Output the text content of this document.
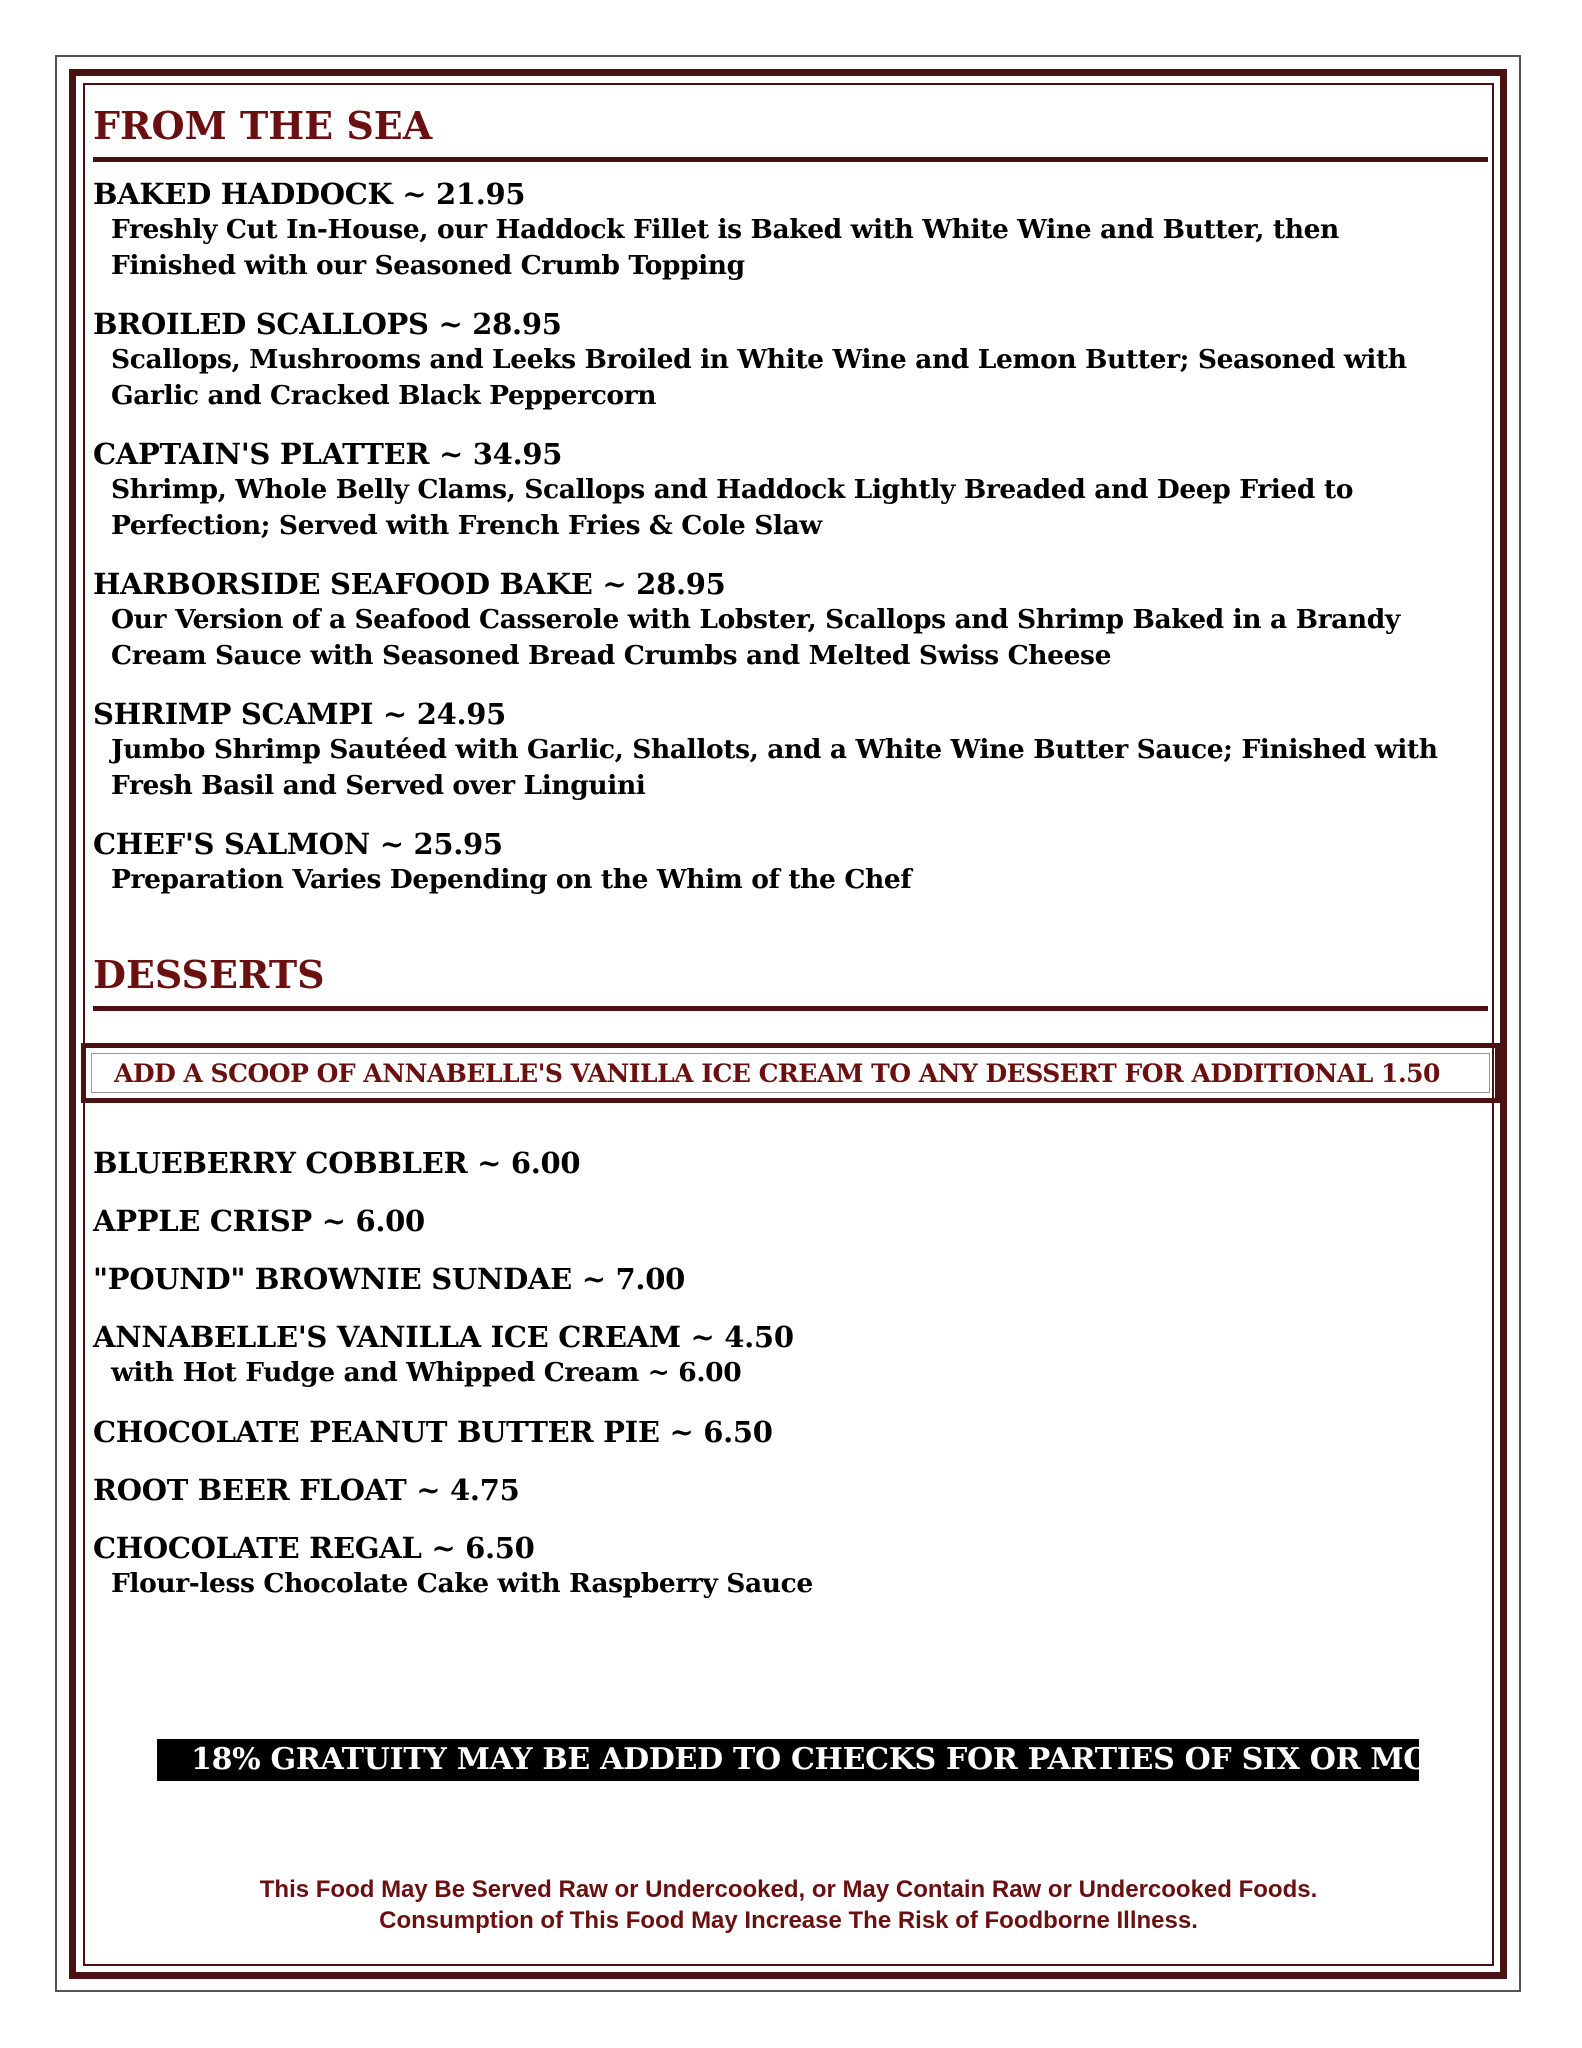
FROM THE SEA
BAKED HADDOCK ~ 21.95
Freshly Cut In-House, our Haddock Fillet is Baked with White Wine and Butter, then Finished with our Seasoned Crumb Topping
BROILED SCALLOPS ~ 28.95
Scallops, Mushrooms and Leeks Broiled in White Wine and Lemon Butter; Seasoned with Garlic and Cracked Black Peppercorn
CAPTAIN'S PLATTER ~ 34.95
Shrimp, Whole Belly Clams, Scallops and Haddock Lightly Breaded and Deep Fried to Perfection; Served with French Fries & Cole Slaw
HARBORSIDE SEAFOOD BAKE ~ 28.95
Our Version of a Seafood Casserole with Lobster, Scallops and Shrimp Baked in a Brandy Cream Sauce with Seasoned Bread Crumbs and Melted Swiss Cheese
SHRIMP SCAMPI ~ 24.95
Jumbo Shrimp Sautéed with Garlic, Shallots, and a White Wine Butter Sauce; Finished with Fresh Basil and Served over Linguini
CHEF'S SALMON ~ 25.95
Preparation Varies Depending on the Whim of the Chef
DESSERTS
ADD A SCOOP OF ANNABELLE'S VANILLA ICE CREAM TO ANY DESSERT FOR ADDITIONAL 1.50
BLUEBERRY COBBLER ~ 6.00
APPLE CRISP ~ 6.00
"POUND" BROWNIE SUNDAE ~ 7.00
ANNABELLE'S VANILLA ICE CREAM ~ 4.50
with Hot Fudge and Whipped Cream ~ 6.00
CHOCOLATE PEANUT BUTTER PIE ~ 6.50
ROOT BEER FLOAT ~ 4.75
CHOCOLATE REGAL ~ 6.50
Flour-less Chocolate Cake with Raspberry Sauce
18% GRATUITY MAY BE ADDED TO CHECKS FOR PARTIES OF SIX OR MORE
This Food May Be Served Raw or Undercooked, or May Contain Raw or Undercooked Foods.
Consumption of This Food May Increase The Risk of Foodborne Illness.
